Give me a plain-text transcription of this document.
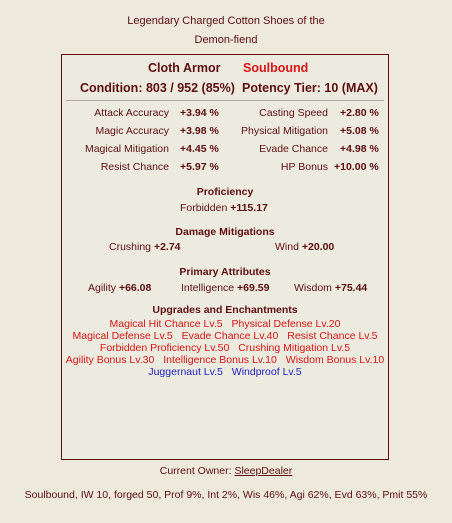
Legendary Charged Cotton Shoes of the
Demon-fiend
Cloth Armor Soulbound
Condition: 803 / 952 (85%) Potency Tier: 10 (MAX)
Attack Accuracy +3.94 %	Casting Speed +2.80 %
Magic Accuracy +3.98 %	Physical Mitigation +5.08 %
Magical Mitigation +4.45 %	Evade Chance +4.98 %
Resist Chance +5.97 %	HP Bonus +10.00 %
Proficiency
Forbidden +115.17
Damage Mitigations
Crushing +2.74	Wind +20.00
Primary Attributes
Agility +66.08	Intelligence +69.59 Wisdom +75.44
Upgrades and Enchantments
Magical Hit Chance Lv.5 Physical Defense Lv.20
Magical Defense Lv.5 Evade Chance Lv.40 Resist Chance Lv.5
Forbidden Proficiency Lv.50 Crushing Mitigation Lv.5
Agility Bonus Lv.30 Intelligence Bonus Lv.10 Wisdom Bonus Lv.10
Juggernaut Lv.5 Windproof Lv.5
Current Owner: SleepDealer
Soulbound, IW 10, forged 50, Prof 9%, Int 2%, Wis 46%, Agi 62%, Evd 63%, Pmit 55%
